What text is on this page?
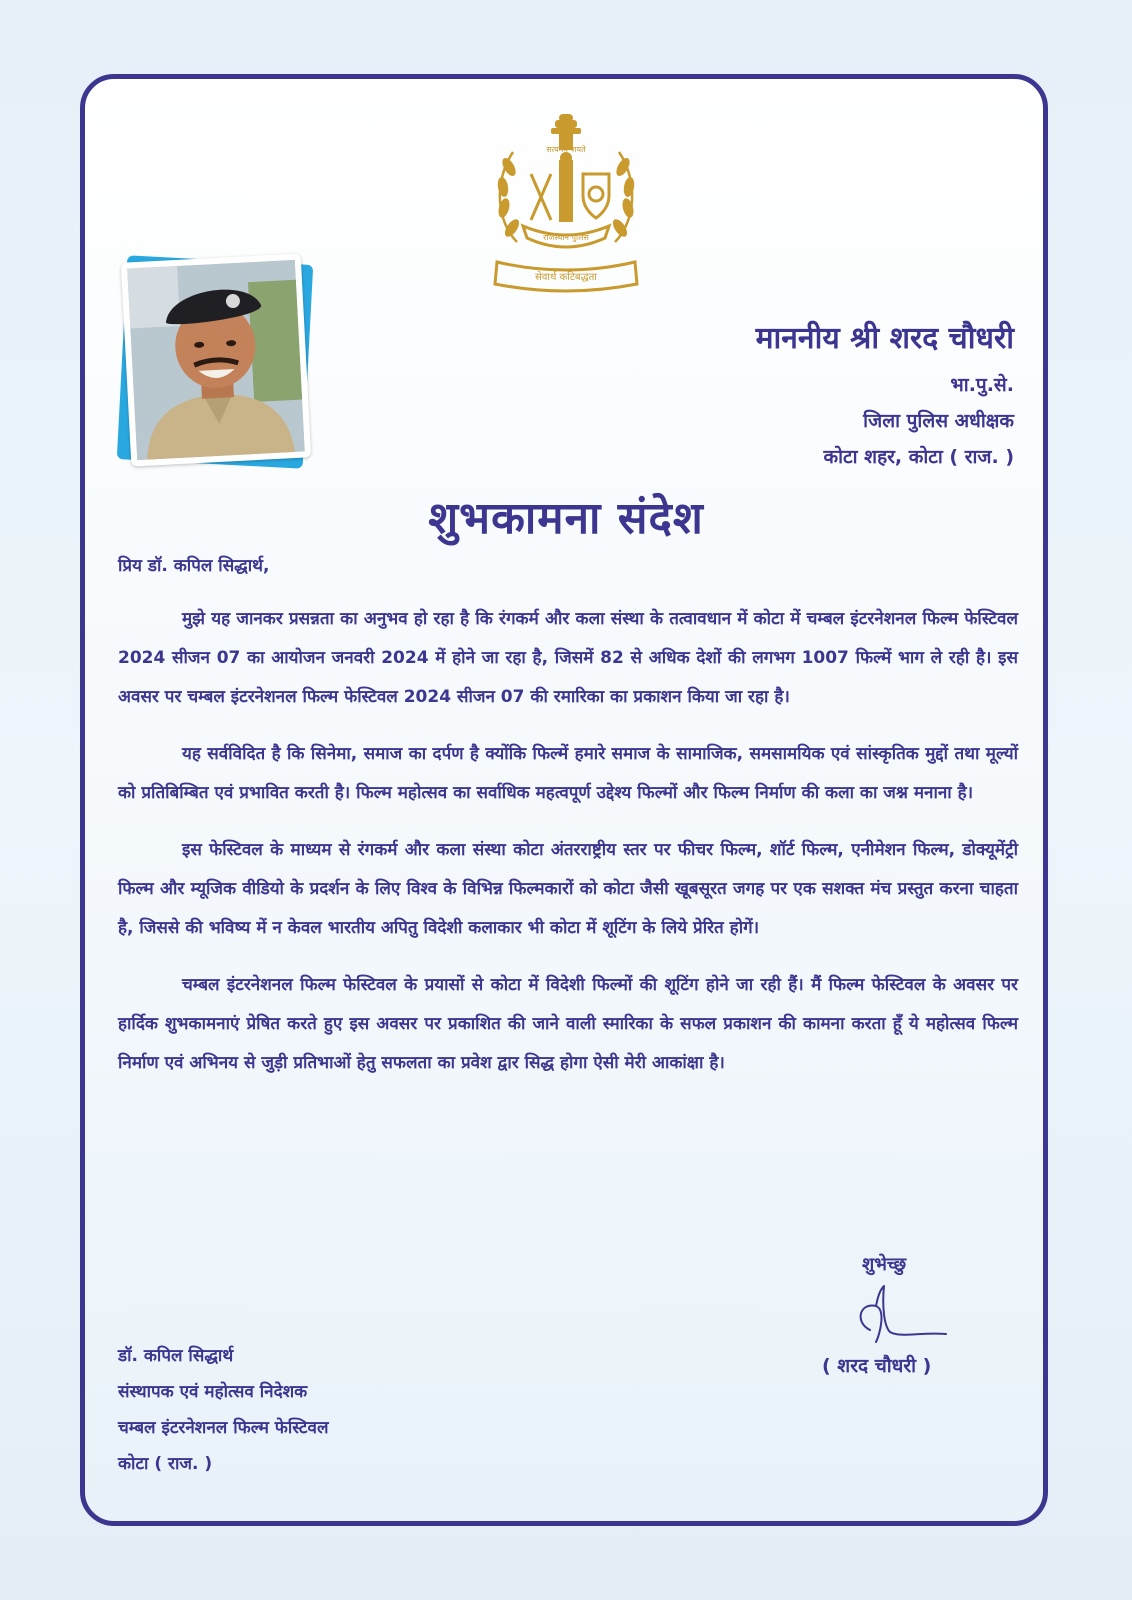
सत्यमेव जयते
राजस्थान पुलिस
सेवार्थ कटिबद्धता
माननीय श्री शरद चौधरी
भा.पु.से.
जिला पुलिस अधीक्षक
कोटा शहर, कोटा ( राज. )
शुभकामना संदेश
प्रिय डॉ. कपिल सिद्धार्थ,

मुझे यह जानकर प्रसन्नता का अनुभव हो रहा है कि रंगकर्म और कला संस्था के तत्वावधान में कोटा में चम्बल इंटरनेशनल फिल्म फेस्टिवल 2024 सीजन 07 का आयोजन जनवरी 2024 में होने जा रहा है, जिसमें 82 से अधिक देशों की लगभग 1007 फिल्में भाग ले रही है। इस अवसर पर चम्बल इंटरनेशनल फिल्म फेस्टिवल 2024 सीजन 07 की रमारिका का प्रकाशन किया जा रहा है।

यह सर्वविदित है कि सिनेमा, समाज का दर्पण है क्योंकि फिल्में हमारे समाज के सामाजिक, समसामयिक एवं सांस्कृतिक मुद्दों तथा मूल्यों को प्रतिबिम्बित एवं प्रभावित करती है। फिल्म महोत्सव का सर्वाधिक महत्वपूर्ण उद्देश्य फिल्मों और फिल्म निर्माण की कला का जश्न मनाना है।

इस फेस्टिवल के माध्यम से रंगकर्म और कला संस्था कोटा अंतरराष्ट्रीय स्तर पर फीचर फिल्म, शॉर्ट फिल्म, एनीमेशन फिल्म, डोक्यूमेंट्री फिल्म और म्यूजिक वीडियो के प्रदर्शन के लिए विश्व के विभिन्न फिल्मकारों को कोटा जैसी खूबसूरत जगह पर एक सशक्त मंच प्रस्तुत करना चाहता है, जिससे की भविष्य में न केवल भारतीय अपितु विदेशी कलाकार भी कोटा में शूटिंग के लिये प्रेरित होगें।

चम्बल इंटरनेशनल फिल्म फेस्टिवल के प्रयासों से कोटा में विदेशी फिल्मों की शूटिंग होने जा रही हैं। मैं फिल्म फेस्टिवल के अवसर पर हार्दिक शुभकामनाएं प्रेषित करते हुए इस अवसर पर प्रकाशित की जाने वाली स्मारिका के सफल प्रकाशन की कामना करता हूँ ये महोत्सव फिल्म निर्माण एवं अभिनय से जुड़ी प्रतिभाओं हेतु सफलता का प्रवेश द्वार सिद्ध होगा ऐसी मेरी आकांक्षा है।

शुभेच्छु
( शरद चौधरी )
डॉ. कपिल सिद्धार्थ
संस्थापक एवं महोत्सव निदेशक
चम्बल इंटरनेशनल फिल्म फेस्टिवल
कोटा ( राज. )
